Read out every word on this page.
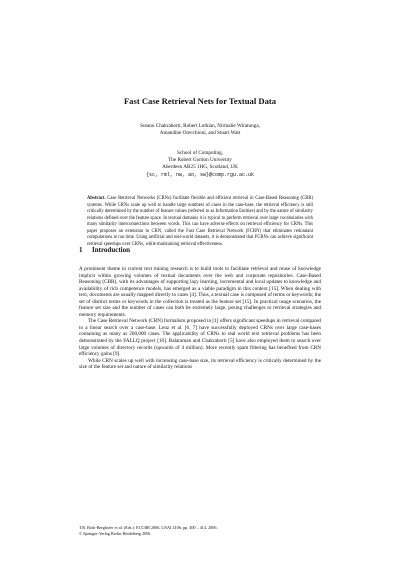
Fast Case Retrieval Nets for Textual Data
Sutanu Chakraborti, Robert Lothian, Nirmalie Wiratunga,
Amandine Orecchioni, and Stuart Watt
School of Computing,
The Robert Gordon University
Aberdeen AB25 1HG, Scotland, UK
{sc, rml, nw, ao, sw}@comp.rgu.ac.uk
Abstract. Case Retrieval Networks (CRNs) facilitate flexible and efficient retrieval in Case-Based Reasoning (CBR) systems. While CRNs scale up well to handle large numbers of cases in the case-base, the retrieval efficiency is still critically determined by the number of feature values (referred to as Information Entities) and by the nature of similarity relations defined over the feature space. In textual domains it is typical to perform retrieval over large vocabularies with many similarity interconnections between words. This can have adverse effects on retrieval efficiency for CRNs. This paper proposes an extension to CRN, called the Fast Case Retrieval Network (FCRN) that eliminates redundant computations at run time. Using artificial and real-world datasets, it is demonstrated that FCRNs can achieve significant retrieval speedups over CRNs, while maintaining retrieval effectiveness.
1 Introduction

A prominent theme in current text mining research is to build tools to facilitate retrieval and reuse of knowledge implicit within growing volumes of textual documents over the web and corporate repositories. Case-Based Reasoning (CBR), with its advantages of supporting lazy learning, incremental and local updates to knowledge and availability of rich competence models, has emerged as a viable paradigm in this context [15]. When dealing with text, documents are usually mapped directly to cases [4]. Thus, a textual case is composed of terms or keywords; the set of distinct terms or keywords in the collection is treated as the feature set [15]. In practical usage scenarios, the feature set size and the number of cases can both be extremely large, posing challenges to retrieval strategies and memory requirements.

The Case Retrieval Network (CRN) formalism proposed in [1] offers significant speedups in retrieval compared to a linear search over a case-base. Lenz et al. [6, 7] have successfully deployed CRNs over large case-bases containing as many as 200,000 cases. The applicability of CRNs to real world text retrieval problems has been demonstrated by the FALLQ project [10]. Balaraman and Chakraborti [5] have also employed them to search over large volumes of directory records (upwards of 4 million). More recently spam filtering has benefited from CRN efficiency gains [9].

While CRN scales up well with increasing case-base size, its retrieval efficiency is critically determined by the size of the feature set and nature of similarity relations

T.R. Roth-Berghofer et al. (Eds.): ECCBR 2006, LNAI 4106, pp. 400 – 414, 2006.
© Springer-Verlag Berlin Heidelberg 2006
